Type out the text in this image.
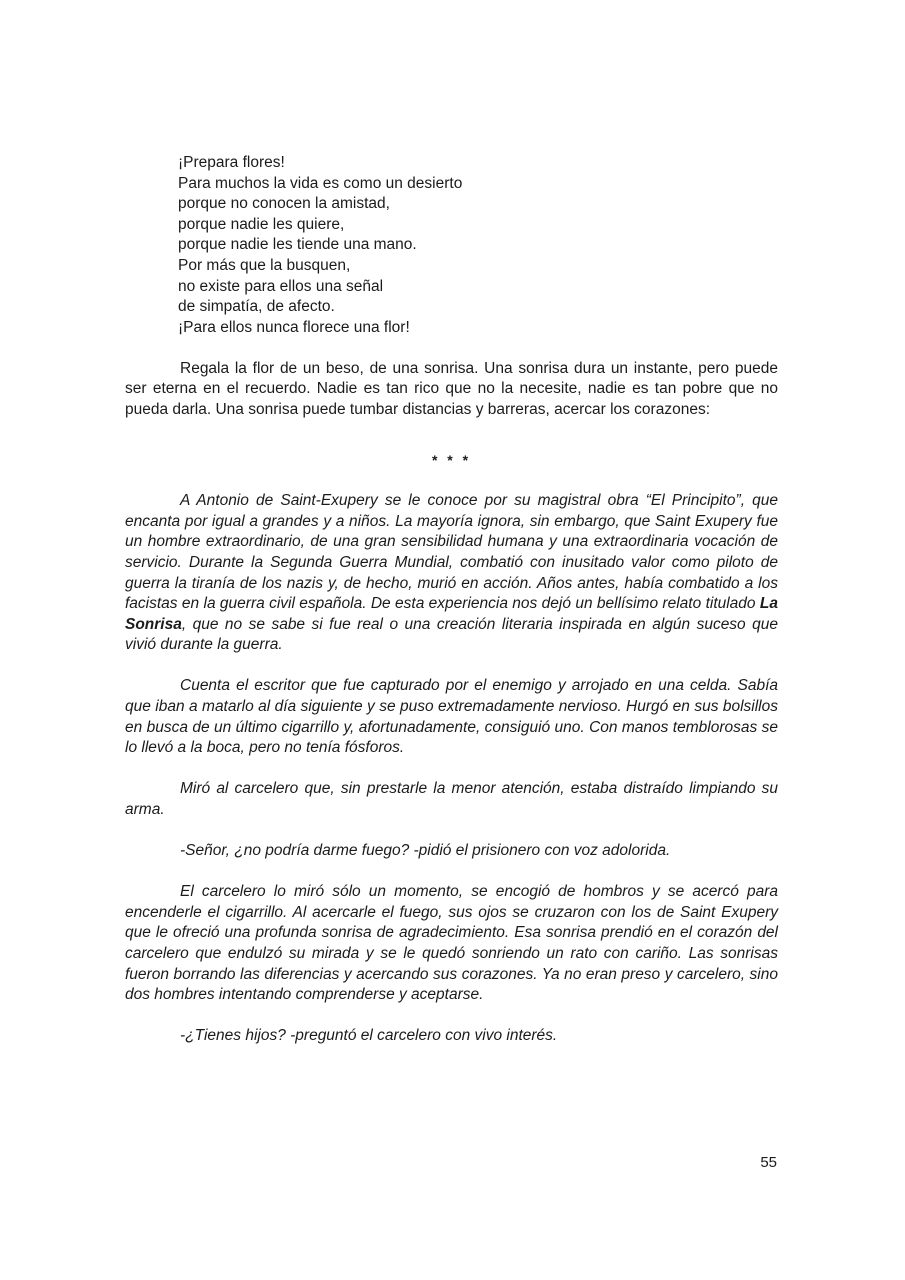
¡Prepara flores!
Para muchos la vida es como un desierto
porque no conocen la amistad,
porque nadie les quiere,
porque nadie les tiende una mano.
Por más que la busquen,
no existe para ellos una señal
de simpatía, de afecto.
¡Para ellos nunca florece una flor!

Regala la flor de un beso, de una sonrisa. Una sonrisa dura un instante, pero puede ser eterna en el recuerdo. Nadie es tan rico que no la necesite, nadie es tan pobre que no pueda darla. Una sonrisa puede tumbar distancias y barreras, acercar los corazones:

* * *

A Antonio de Saint-Exupery se le conoce por su magistral obra “El Principito”, que encanta por igual a grandes y a niños. La mayoría ignora, sin embargo, que Saint Exupery fue un hombre extraordinario, de una gran sensibilidad humana y una extraordinaria vocación de servicio. Durante la Segunda Guerra Mundial, combatió con inusitado valor como piloto de guerra la tiranía de los nazis y, de hecho, murió en acción. Años antes, había combatido a los facistas en la guerra civil española. De esta experiencia nos dejó un bellísimo relato titulado La Sonrisa, que no se sabe si fue real o una creación literaria inspirada en algún suceso que vivió durante la guerra.

Cuenta el escritor que fue capturado por el enemigo y arrojado en una celda. Sabía que iban a matarlo al día siguiente y se puso extremadamente nervioso. Hurgó en sus bolsillos en busca de un último cigarrillo y, afortunadamente, consiguió uno. Con manos temblorosas se lo llevó a la boca, pero no tenía fósforos.

Miró al carcelero que, sin prestarle la menor atención, estaba distraído limpiando su arma.

-Señor, ¿no podría darme fuego? -pidió el prisionero con voz adolorida.

El carcelero lo miró sólo un momento, se encogió de hombros y se acercó para encenderle el cigarrillo. Al acercarle el fuego, sus ojos se cruzaron con los de Saint Exupery que le ofreció una profunda sonrisa de agradecimiento. Esa sonrisa prendió en el corazón del carcelero que endulzó su mirada y se le quedó sonriendo un rato con cariño. Las sonrisas fueron borrando las diferencias y acercando sus corazones. Ya no eran preso y carcelero, sino dos hombres intentando comprenderse y aceptarse.

-¿Tienes hijos? -preguntó el carcelero con vivo interés.

55
